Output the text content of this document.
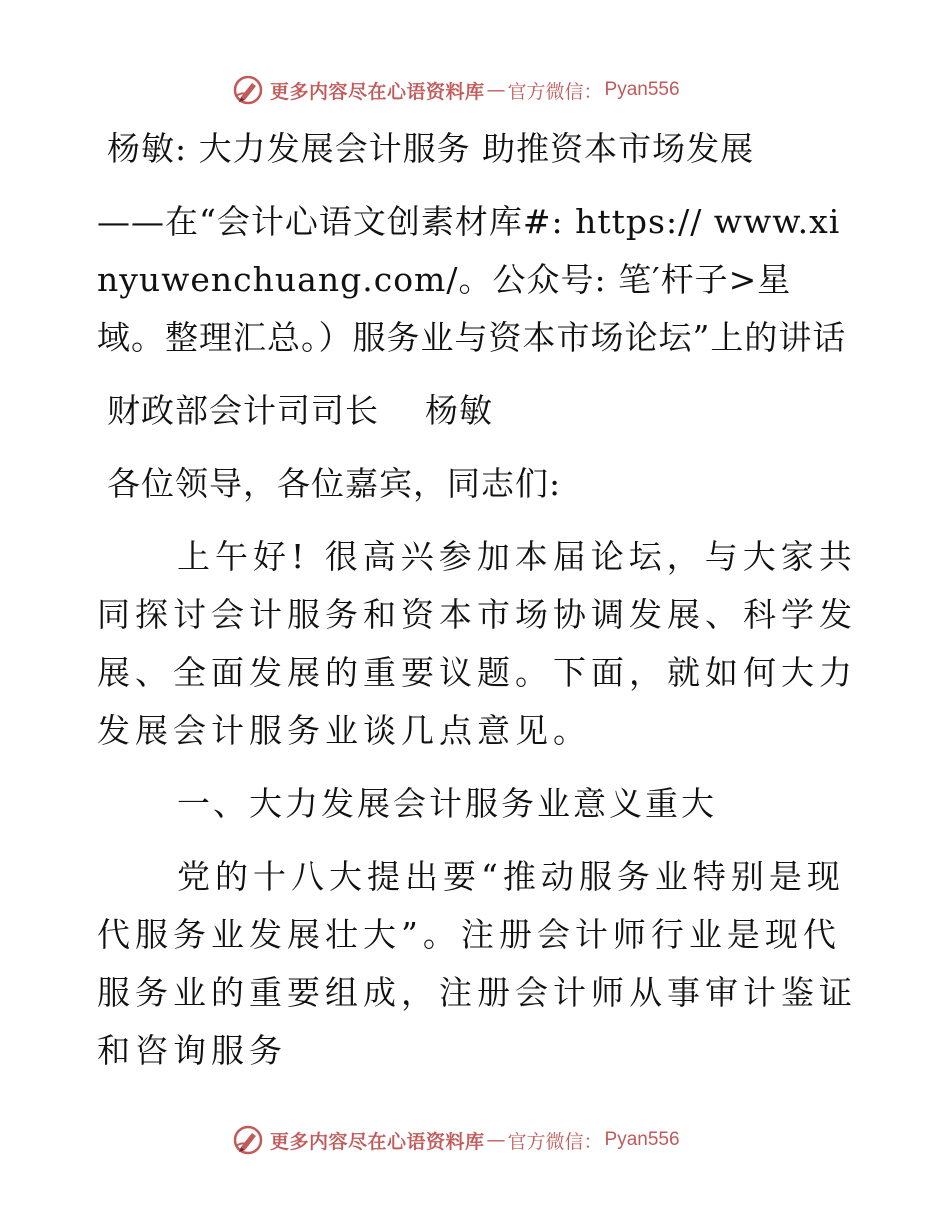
更多内容尽在心语资料库 — 官方微信： Pyan556

杨敏: 大力发展会计服务 助推资本市场发展

——在“会计心语文创素材库#: https:// www.xinyuwenchuang.com/。公众号: 笔′杆子>星域。整理汇总。）服务业与资本市场论坛”上的讲话

财政部会计司司长    杨敏

各位领导，各位嘉宾，同志们:

上午好! 很高兴参加本届论坛，与大家共同探讨会计服务和资本市场协调发展、科学发展、全面发展的重要议题。下面，就如何大力发展会计服务业谈几点意见。

一、大力发展会计服务业意义重大

党的十八大提出要“推动服务业特别是现代服务业发展壮大”。注册会计师行业是现代服务业的重要组成，注册会计师从事审计鉴证和咨询服务

更多内容尽在心语资料库 — 官方微信： Pyan556
